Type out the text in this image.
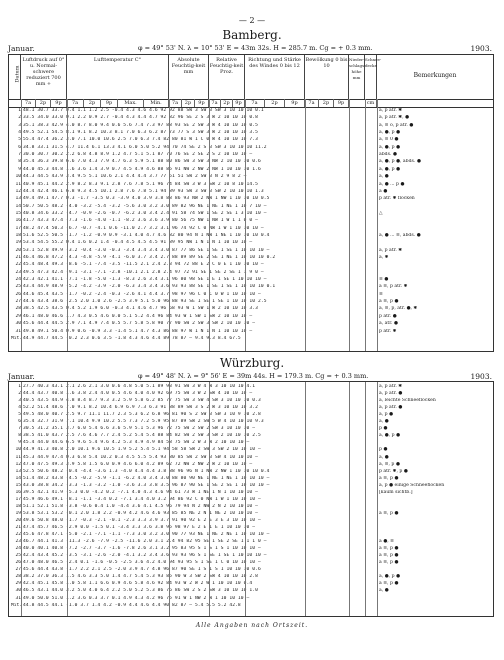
— 2 —
Bamberg.
Januar.	φ = 49° 53' N. λ = 10° 53' E = 43m 32s. H = 285.7 m. Cg = + 0.3 mm.	1903.
Datum
Luftdruck auf 0° u. Normal-schwere reduziert 700 mm +
Lufttemperatur C°	Absolute Feuchtig-keit mm
Relative Feuchtig-keit Proz.
Richtung und Stärke des Windes 0 bis 12
Bewölkung 0 bis 10
Nieder-schlags-höhe mm
Schnee-decke
Bemerkungen
7a	2p	9p	7a	2p	9p	Max.	Min.	7a	2p	9p	7a	2p	9p	7a	2p	9p	7a	2p	9p	cm
1 48.1 30.7 33.7 0.4 1.1 1.2 2.5 -0.4 4.3 4.6 4.6 92 92 88 SW 3 SW 3 SW 3 10 10 10 0.1	a, p atr. ✱
2 33.5 34.0 33.0 0.1 2.2 0.9 2.7 -0.4 4.3 4.4 4.7 92 82 96 SE 2 S 3 W 2 10 10 10 0.8	a, p atr. ✱, ●
3 35.1 38.3 42.9 4.0 8.7 8.0 9.4 0.6 5.6 7.4 7.3 97 88 93 SE 2 SW 3 W 4 10 10 10 0.5	a, ≡ o, p atr. ●
4 49.5 52.1 54.5 8.1 9.1 8.2 10.3 8.1 7.0 6.3 6.2 87 73 77 S 3 SW 3 W 2 10 10 10 3.5	a, ●, p ●
5 55.4 47.4 36.2 3.0 7.1 10.0 10.6 2.5 7.0 6.3 7.4 82 80 81 W 1 C 0 W 4 10 10 10 7.3	a, ≡ 0 ●
6 34.8 33.1 31.5 4.7 11.4 6.1 13.3 4.1 6.0 5.0 5.2 94 70 74 SE 2 S 3 SW 3 10 10 10 11.2	a, ●, p ●
7 30.0 30.7 30.2 2.2 6.8 4.8 8.9 1.2 4.7 5.1 5.1 87 70 76 SE 2 SE 2 S 2 10 10 10 —	abds. ●
8 35.4 36.3 39.8 6.6 7.0 4.3 7.9 4.7 6.3 5.9 5.1 88 80 86 SW 3 SW 3 NW 2 10 10 10 0.6	a, ●, p ●, abds. ●
9 44.0 45.3 44.8 1.6 3.6 1.4 3.9 0.7 4.5 4.9 4.6 88 85 91 NW 2 NW 2 NW 1 10 10 10 1.6	a, ●, p ●
10 44.3 44.5 43.9 3.4 9.5 5.1 10.6 2.1 4.4 4.4 3.7 77 51 51 SW 2 SW 3 N 2 9 8 2 —	a, ●
11 40.9 45.1 44.2 2.9 8.2 8.3 9.1 2.8 7.6 7.8 5.1 96 74 84 SW 3 W 3 SW 2 10 8 10 14.5	a, ● ... p ●
12 44.4 42.4 46.1 6.8 9.3 4.5 10.1 2.8 7.6 7.8 5.1 94 89 93 SW 3 SW 3 SW 2 10 10 10 1.3	a ●
13 49.4 49.1 47.7 0.3 -1.7 -3.5 0.3 -3.9 4.0 3.9 3.8 88 86 93 NW 2 NW 1 NW 1 10 10 10 0.5	p atr. ✱ flocken
14 50.7 50.5 48.2 -4.0 -3.2 -5.4 -3.2 -5.6 3.0 3.2 3.0 89 82 96 NE 1 NE 1 NE 1 10 7 10 —
15 40.8 34.6 33.2 -4.7 -0.9 -2.6 -0.7 -6.2 3.0 3.4 2.4 91 58 74 SW 1 SE 2 SE 1 3 10 10 —	△
16 41.7 43.3 47.4 -7.3 -1.6 -4.0 -1.1 -8.2 3.6 3.6 3.9 80 56 75 NW 1 NW 1 W 1 1 0 0 —
17 48.2 47.4 50.3 -6.7 -0.7 -4.1 0.6 -11.0 2.7 3.2 3.1 96 74 92 C 0 NW 1 W 1 10 10 10 —
18 51.6 52.5 50.5 -1.7 -1.2 -0.9 0.9 -3.1 4.0 4.7 4.6 82 80 94 N 1 NW 1 NE 1 10 10 10 0.4	a, ● ... ≡, abds. ●
19 53.4 54.5 55.2 0.4 1.6 0.2 1.4 -0.4 4.5 4.5 4.5 91 89 95 NW 1 N 1 N 1 10 10 10 —
20 53.1 52.8 49.9 -3.2 -0.4 -3.0 -0.3 -3.4 3.4 3.4 3.0 87 77 86 SE 1 SE 1 SE 1 10 10 10 —	a, p atr. ✱
21 46.4 46.8 47.2 -4.3 -4.8 -5.9 -4.1 -6.0 3.7 3.4 2.7 88 89 89 SE 2 SE 1 NE 1 10 10 10 0.2	a, ✱
22 45.4 48.4 49.3 -8.6 -5.1 -7.4 -3.5 -11.5 2.1 2.4 2.3 94 72 88 E 2 C 0 E 1 10 10 10 —
23 49.5 47.3 42.4 -9.1 -3.1 -7.1 -2.8 -10.1 2.1 2.8 2.4 97 72 91 SE 1 SE 2 SE 1 1 9 0 —
24 42.3 42.1 41.1 -7.1 -1.8 -5.0 -1.3 -8.3 2.6 3.4 3.1 96 80 98 SE 1 E 1 SE 1 10 10 10 —	≡ ●
25 43.4 44.9 48.9 -5.2 -4.2 -3.9 -2.0 -6.3 3.4 3.4 3.6 93 93 88 SE 1 SE 1 SE 1 10 10 10 0.1	a ≡, p atr. ✱
26 44.6 45.4 43.5 -1.7 -0.2 -2.4 -0.3 -2.6 4.1 4.4 3.7 98 97 96 C 0 C 0 W 1 10 10 10 —	≡
27 44.6 43.4 38.6 -2.5 2.0 1.0 2.6 -2.5 3.9 5.1 5.0 96 88 93 SE 1 SE 1 SE 1 10 10 10 2.5	a ≡, p ●
28 38.5 42.5 43.5 0.4 5.2 1.9 6.0 -0.3 4.1 4.6 4.7 96 68 93 W 1 SW 1 W 2 10 10 10 3.3	a, ≡, p, atr. ●, ✱
29 46.1 48.0 46.6 1.7 4.3 0.5 4.6 0.0 5.1 5.2 4.4 96 84 93 W 1 SW 1 SW 2 10 10 10 —	p atr. ●
30 45.6 44.4 44.5 2.9 7.1 4.9 7.4 0.5 5.7 5.8 5.8 90 77 90 SW 2 SW 3 SW 2 10 10 10 —	a, atr. ●
31 49.8 49.1 50.4 0.9 0.6 -0.9 3.3 -1.4 5.1 4.7 4.3 86 88 97 W 1 N 1 N 1 10 10 10 —	p atr. ✱
Mit. 44.9 44.7 44.5 -0.2 2.3 0.6 3.5 -1.8 4.3 4.6 4.4 89 78 87 — 9.4 9.3 8.4 67.5
Würzburg.
Januar.	φ = 49° 48' N. λ = 9° 56' E = 39m 44s. H = 179.3 m. Cg = + 0.3 mm.	1903.
1 27.7 40.3 43.1 2.1 2.6 2.1 3.0 0.6 4.8 5.0 5.1 89 93 91 SW 3 W 4 W 3 10 10 10 4.1	a, p atr. ✱
2 44.4 43.7 40.8 1.6 3.8 2.4 4.0 0.5 4.6 4.0 4.0 92 69 75 SW 3 W 2 SW 4 10 10 10 —	a, p atr. ●
3 40.5 43.5 44.9 4.8 8.4 8.7 9.3 3.2 5.9 5.8 6.2 85 77 75 SW 3 SW 4 SW 3 10 10 10 0.3	a, leichte Schneeflocken
4 52.2 51.4 48.6 7.0 9.1 8.2 10.4 6.9 6.9 7.3 6.3 91 88 89 SW 3 S 2 W 3 10 10 10 3.2	a, p atr. ●
5 49.5 48.0 40.7 2.5 9.7 11.1 11.7 2.3 5.3 6.2 6.8 96 81 90 S 2 SW 3 SW 3 10 9 10 2.8	a, p ●
6 35.4 32.7 31.9 7.1 10.4 9.9 10.2 5.5 7.3 7.2 5.9 95 87 89 SW 2 SW 5 W 4 10 10 10 9.3	a, ●
7 30.5 31.2 35.1 3.7 6.0 5.4 6.6 3.6 5.9 5.1 5.3 96 72 75 SW 2 SW 2 SW 3 10 10 10 —	p ●
8 38.5 41.0 43.7 2.5 7.6 4.6 7.7 2.4 5.2 5.4 5.4 88 84 82 SW 2 SW 3 SW 2 10 10 10 2.5	a, ●, p ●
9 45.4 44.0 44.6 6.5 9.6 5.4 9.6 4.2 5.3 4.9 4.9 84 58 75 SW 2 W 3 W 2 10 10 10 —
10 44.9 41.3 40.8 2.0 10.1 9.6 10.5 1.9 5.2 5.4 5.1 94 58 58 SW 2 SW 3 SW 2 10 10 10 —	p ●
11 45.3 44.9 47.4 0.3 6.8 5.4 10.2 0.3 4.5 5.5 5.4 93 80 85 SW 2 SW 3 SW 4 10 10 10 —	a, ●
12 47.0 47.5 49.3 3.9 5.8 1.5 6.0 0.9 4.6 6.0 4.2 89 62 72 NW 2 NW 2 W 2 10 10 10 —	a, ≡, p ●
13 52.5 50.6 48.2 -0.4 -4.4 -3.6 1.3 -4.0 4.4 4.4 3.8 88 96 96 N 1 NW 2 NW 1 10 10 10 0.4	p atr. ✱, p ●
14 51.4 48.2 43.8 -4.5 -0.2 -5.9 -1.1 -6.2 4.0 3.4 3.0 88 80 90 NE 1 NE 1 NE 1 10 10 10 —	a ≡, p ●
15 43.0 38.8 34.2 -3.3 -1.3 -3.2 -1.0 -3.6 3.3 3.8 3.5 96 87 90 SE 1 SE 2 SE 1 10 10 10 —	a, p ● einige Schneeflocken
16 39.5 42.1 41.9 -5.3 0.0 -4.2 0.2 -7.1 4.0 4.3 4.6 94 61 73 W 1 NE 1 N 1 10 10 10 —	[kaum sichtb.]
17 45.9 46.6 49.1 -8.1 -1.1 -3.4 0.2 -7.1 3.4 4.0 3.2 94 86 92 C 0 NW 1 W 1 10 10 10 —
18 51.1 52.1 51.8 -3.8 -0.6 0.4 1.0 -4.4 3.6 4.1 4.5 96 79 94 N 2 NW 2 N 2 10 10 10 —
19 53.8 53.1 53.2 -0.1 2.0 1.8 2.2 -0.9 4.2 4.6 4.6 93 85 85 NE 2 N 1 NE 2 10 10 10 —	a ≡, p ●
20 49.6 50.8 48.0 -1.7 -0.3 -2.1 -0.1 -2.3 3.3 3.9 3.7 91 90 92 E 2 E 3 E 3 10 10 10 —
21 47.4 45.7 46.5 -2.9 0.0 -1.5 0.1 -3.4 3.3 3.6 3.8 95 98 97 E 2 E 1 E 1 10 10 10 —
22 45.6 47.8 47.1 -5.0 -2.1 -7.1 -1.1 -7.3 3.0 3.2 3.0 90 77 93 NE 1 NE 2 NE 1 10 10 10 —
23 46.7 44.1 41.3 -11.3 -2.6 -7.9 -2.5 -11.6 2.0 3.1 2.4 94 82 95 SE 1 SE 2 SE 1 1 1 0 —	a ●, ≡
24 40.0 40.1 40.8 -7.2 -2.7 -3.7 -1.6 -7.8 2.6 3.1 3.2 95 83 95 S 1 S 1 S 1 10 10 10 —	a ≡, p ●
25 42.4 43.4 45.2 -3.5 -3.1 -2.6 -2.0 -4.1 3.2 3.4 3.6 93 93 96 S 1 SE 1 SE 1 10 10 10 —	a ≡, p ●
26 47.0 48.0 46.5 -2.4 0.1 -1.6 -0.5 -2.5 3.6 4.2 4.0 94 93 95 S 1 SE 1 C 0 10 10 10 —	a ≡, p ●
27 45.6 44.4 43.8 -1.7 2.2 2.1 2.5 -2.0 3.9 4.7 4.8 96 87 90 SE 1 S 1 S 1 10 10 10 0.6
28 38.2 37.0 36.3 1.5 4.6 3.3 5.0 1.4 4.7 5.4 5.3 93 85 90 W 3 SW 2 SW 4 10 10 10 2.8	a, ●, p ●
29 42.4 45.1 45.8 1.0 5.8 1.1 6.6 0.9 4.6 5.8 4.6 92 84 93 W 2 W 2 W 1 10 10 10 0.4	a ≡, p ●
30 46.5 43.1 44.0 3.2 5.0 4.0 6.4 2.2 5.0 5.2 5.3 86 76 86 SW 2 S 2 SW 3 10 10 10 1.0	a, ●
31 49.0 50.0 51.0 1.2 3.6 0.3 3.7 0.1 4.9 4.3 4.2 96 75 91 W 1 NW 2 W 1 10 10 10 —
Mit. 44.8 44.5 44.1 -1.0 3.7 1.4 4.2 -0.9 4.4 4.6 4.4 90 82 87 — 5.4 5.5 5.2 42.8
Alle Angaben nach Ortszeit.
